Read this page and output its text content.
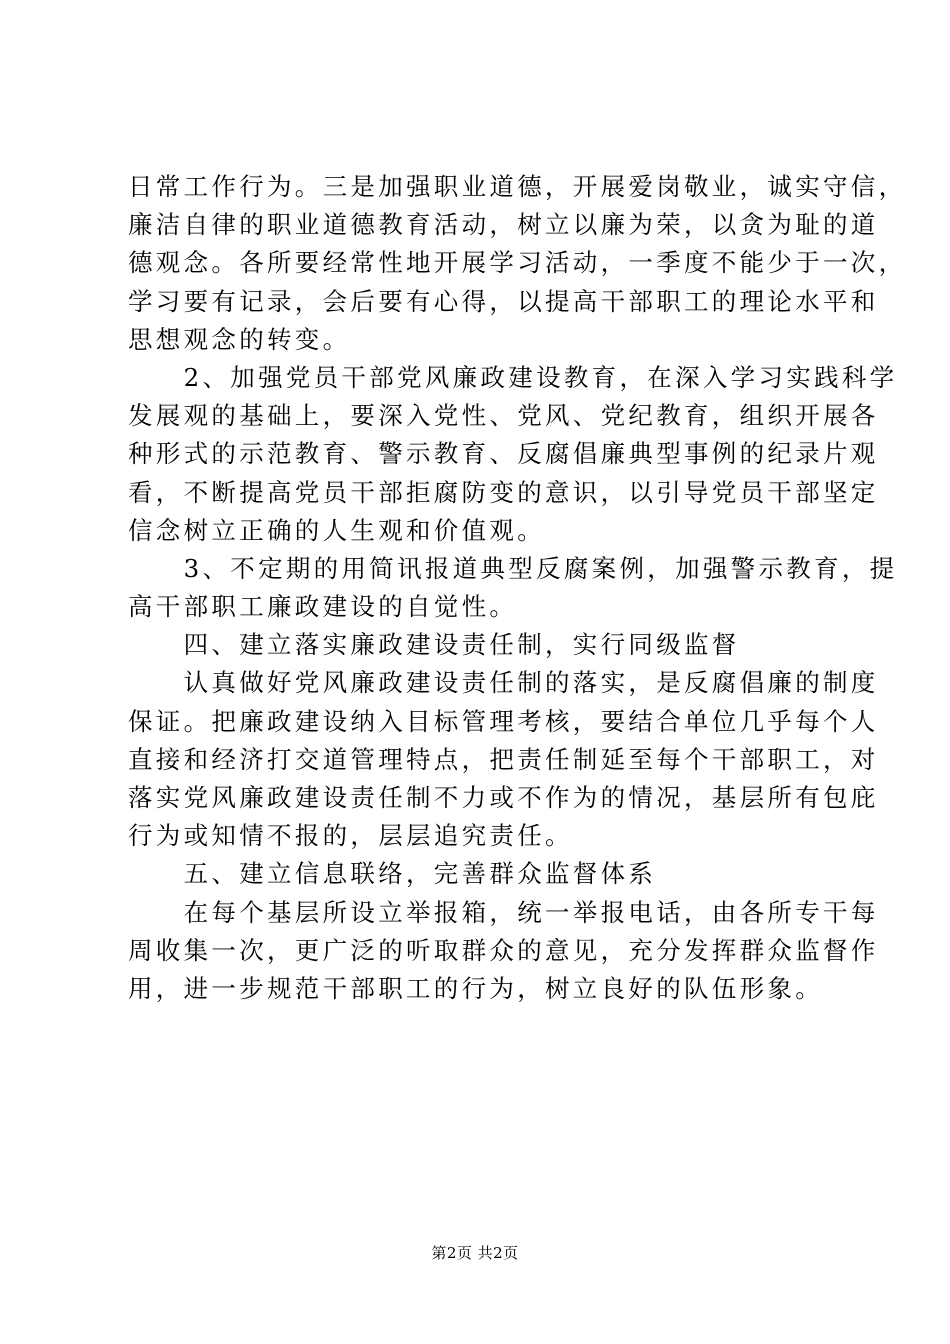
日常工作行为。三是加强职业道德，开展爱岗敬业，诚实守信，
廉洁自律的职业道德教育活动，树立以廉为荣，以贪为耻的道
德观念。各所要经常性地开展学习活动，一季度不能少于一次，
学习要有记录，会后要有心得，以提高干部职工的理论水平和
思想观念的转变。
　　2、加强党员干部党风廉政建设教育，在深入学习实践科学
发展观的基础上，要深入党性、党风、党纪教育，组织开展各
种形式的示范教育、警示教育、反腐倡廉典型事例的纪录片观
看，不断提高党员干部拒腐防变的意识，以引导党员干部坚定
信念树立正确的人生观和价值观。
　　3、不定期的用简讯报道典型反腐案例，加强警示教育，提
高干部职工廉政建设的自觉性。
　　四、建立落实廉政建设责任制，实行同级监督
　　认真做好党风廉政建设责任制的落实，是反腐倡廉的制度
保证。把廉政建设纳入目标管理考核，要结合单位几乎每个人
直接和经济打交道管理特点，把责任制延至每个干部职工，对
落实党风廉政建设责任制不力或不作为的情况，基层所有包庇
行为或知情不报的，层层追究责任。
　　五、建立信息联络，完善群众监督体系
　　在每个基层所设立举报箱，统一举报电话，由各所专干每
周收集一次，更广泛的听取群众的意见，充分发挥群众监督作
用，进一步规范干部职工的行为，树立良好的队伍形象。
第2页 共2页
